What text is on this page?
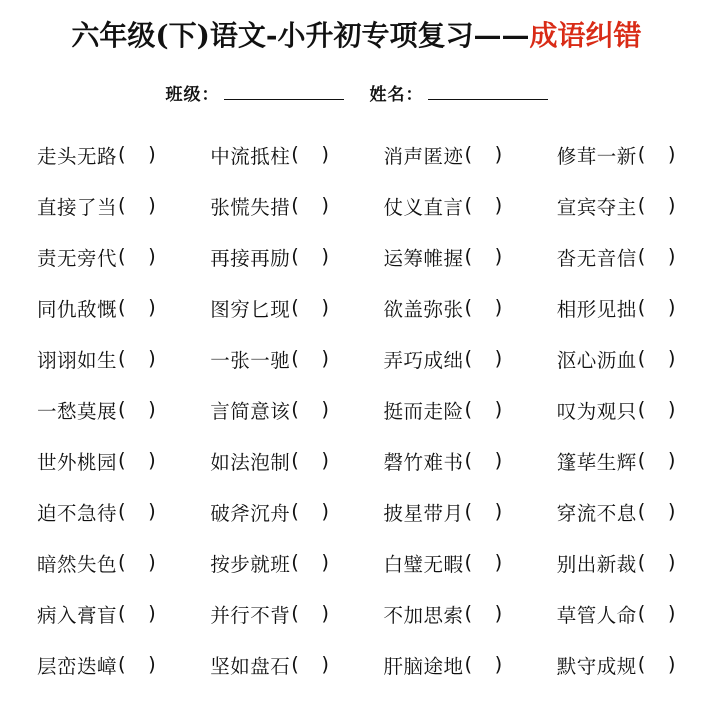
六年级(下)语文-小升初专项复习—— 成语纠错
班级：	姓名：
走头无路 ( )	中流抵柱 ( )	消声匿迹 ( )	修茸一新 ( )
直接了当 ( )	张慌失措 ( )	仗义直言 ( )	宣宾夺主 ( )
责无旁代 ( )	再接再励 ( )	运筹帷握 ( )	沓无音信 ( )
同仇敌慨 ( )	图穷匕现 ( )	欲盖弥张 ( )	相形见拙 ( )
诩诩如生 ( )	一张一驰 ( )	弄巧成绌 ( )	沤心沥血 ( )
一愁莫展 ( )	言简意该 ( )	挺而走险 ( )	叹为观只 ( )
世外桃园 ( )	如法泡制 ( )	磬竹难书 ( )	篷荜生辉 ( )
迫不急待 ( )	破斧沉舟 ( )	披星带月 ( )	穿流不息 ( )
暗然失色 ( )	按步就班 ( )	白璧无暇 ( )	别出新裁 ( )
病入膏盲 ( )	并行不背 ( )	不加思索 ( )	草管人命 ( )
层峦迭嶂 ( )	坚如盘石 ( )	肝脑途地 ( )	默守成规 ( )
